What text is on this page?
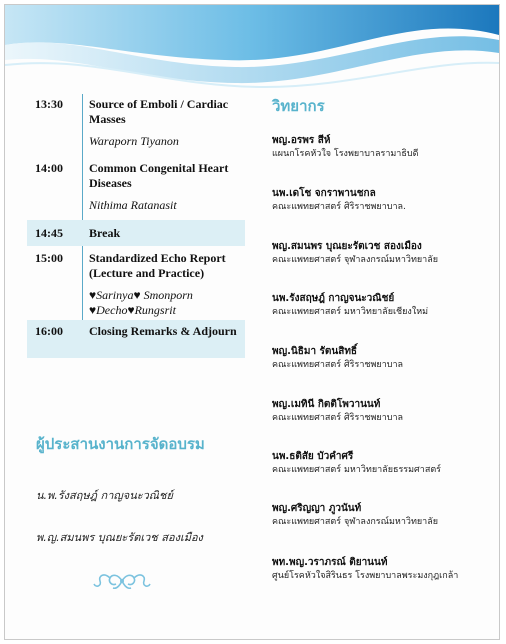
13:30 Source of Emboli / Cardiac Masses
Waraporn Tiyanon
14:00 Common Congenital Heart Diseases
Nithima Ratanasit
14:45 Break
15:00 Standardized Echo Report (Lecture and Practice)
♥Sarinya♥ Smonporn
♥Decho♥Rungsrit
16:00 Closing Remarks & Adjourn
ผู้ประสานงานการจัดอบรม
น.พ.รังสฤษฎ์ กาญจนะวณิชย์
พ.ญ.สมนพร บุณยะรัตเวช สองเมือง
วิทยากร
พญ.อรพร สีห์
แผนกโรคหัวใจ โรงพยาบาลรามาธิบดี
นพ.เดโช จกราพานชกล
คณะแพทยศาสตร์ ศิริราชพยาบาล.
พญ.สมนพร บุณยะรัตเวช สองเมือง
คณะแพทยศาสตร์ จุฬาลงกรณ์มหาวิทยาลัย
นพ.รังสฤษฎ์ กาญจนะวณิชย์
คณะแพทยศาสตร์ มหาวิทยาลัยเชียงใหม่
พญ.นิธิมา รัตนสิทธิ์
คณะแพทยศาสตร์ ศิริราชพยาบาล
พญ.เมทินี กิตติโพวานนท์
คณะแพทยศาสตร์ ศิริราชพยาบาล
นพ.ธติสัย บัวคำศรี
คณะแพทยศาสตร์ มหาวิทยาลัยธรรมศาสตร์
พญ.ศริญญา ภูวนันท์
คณะแพทยศาสตร์ จุฬาลงกรณ์มหาวิทยาลัย
พท.พญ.วราภรณ์ ติยานนท์
ศูนย์โรคหัวใจสิรินธร โรงพยาบาลพระมงกุฎเกล้า
